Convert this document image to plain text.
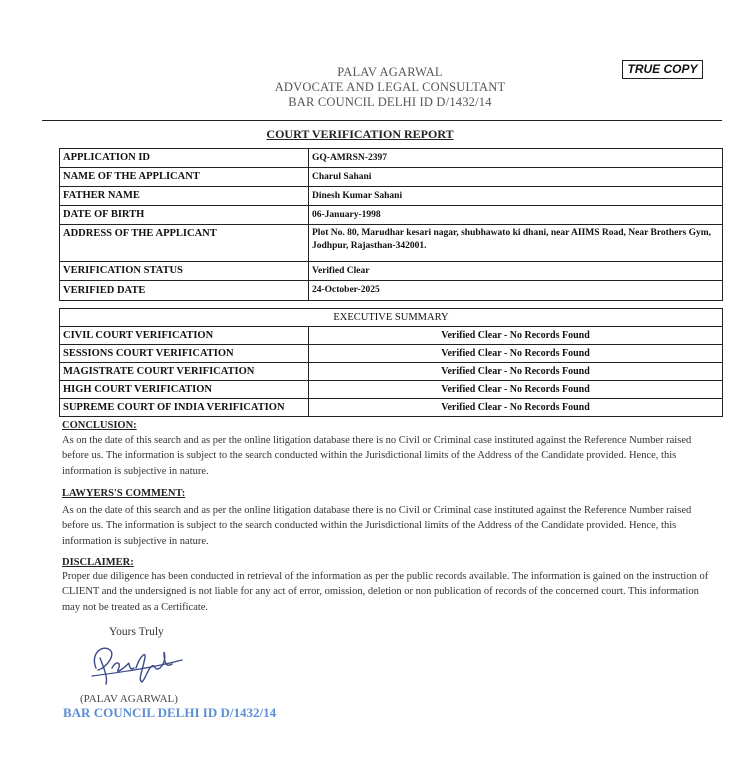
TRUE COPY
PALAV AGARWAL
ADVOCATE AND LEGAL CONSULTANT
BAR COUNCIL DELHI ID D/1432/14
COURT VERIFICATION REPORT
APPLICATION ID	GQ-AMRSN-2397
NAME OF THE APPLICANT	Charul Sahani
FATHER NAME	Dinesh Kumar Sahani
DATE OF BIRTH	06-January-1998
ADDRESS OF THE APPLICANT	Plot No. 80, Marudhar kesari nagar, shubhawato ki dhani, near AIIMS Road, Near Brothers Gym, Jodhpur, Rajasthan-342001.
VERIFICATION STATUS	Verified Clear
VERIFIED DATE	24-October-2025
EXECUTIVE SUMMARY	
CIVIL COURT VERIFICATION	Verified Clear - No Records Found
SESSIONS COURT VERIFICATION	Verified Clear - No Records Found
MAGISTRATE COURT VERIFICATION	Verified Clear - No Records Found
HIGH COURT VERIFICATION	Verified Clear - No Records Found
SUPREME COURT OF INDIA VERIFICATION	Verified Clear - No Records Found
CONCLUSION:
As on the date of this search and as per the online litigation database there is no Civil or Criminal case instituted against the Reference Number raised before us. The information is subject to the search conducted within the Jurisdictional limits of the Address of the Candidate provided. Hence, this information is subjective in nature.
LAWYERS'S COMMENT:
As on the date of this search and as per the online litigation database there is no Civil or Criminal case instituted against the Reference Number raised before us. The information is subject to the search conducted within the Jurisdictional limits of the Address of the Candidate provided. Hence, this information is subjective in nature.
DISCLAIMER:
Proper due diligence has been conducted in retrieval of the information as per the public records available. The information is gained on the instruction of CLIENT and the undersigned is not liable for any act of error, omission, deletion or non publication of records of the concerned court. This information may not be treated as a Certificate.
Yours Truly
(PALAV AGARWAL)
BAR COUNCIL DELHI ID D/1432/14
